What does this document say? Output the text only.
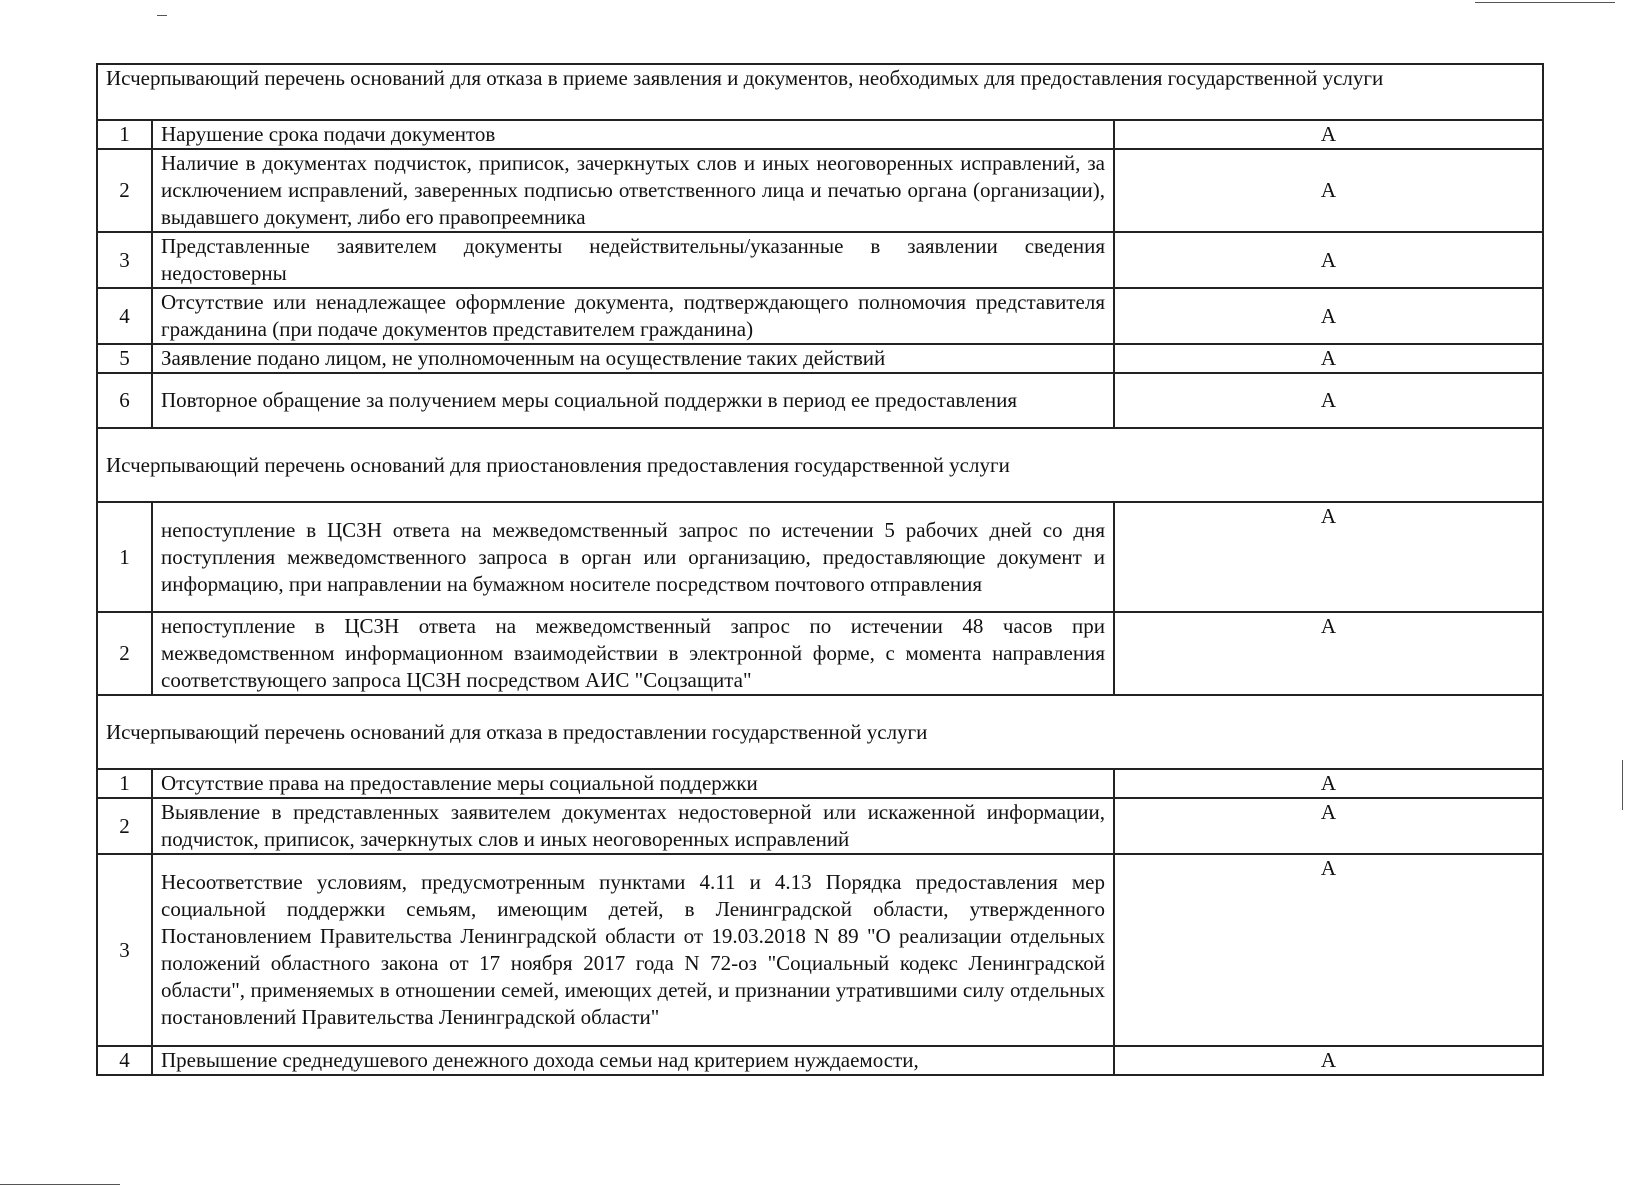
Исчерпывающий перечень оснований для отказа в приеме заявления и документов, необходимых для предоставления государственной услуги		
1	Нарушение срока подачи документов	А
2	Наличие в документах подчисток, приписок, зачеркнутых слов и иных неоговоренных исправлений, за исключением исправлений, заверенных подписью ответственного лица и печатью органа (организации), выдавшего документ, либо его правопреемника	А
3	Представленные заявителем документы недействительны/указанные в заявлении сведения недостоверны	А
4	Отсутствие или ненадлежащее оформление документа, подтверждающего полномочия представителя гражданина (при подаче документов представителем гражданина)	А
5	Заявление подано лицом, не уполномоченным на осуществление таких действий	А
6	Повторное обращение за получением меры социальной поддержки в период ее предоставления	А
Исчерпывающий перечень оснований для приостановления предоставления государственной услуги		
1	непоступление в ЦСЗН ответа на межведомственный запрос по истечении 5 рабочих дней со дня поступления межведомственного запроса в орган или организацию, предоставляющие документ и информацию, при направлении на бумажном носителе посредством почтового отправления	А
2	непоступление в ЦСЗН ответа на межведомственный запрос по истечении 48 часов при межведомственном информационном взаимодействии в электронной форме, с момента направления соответствующего запроса ЦСЗН посредством АИС "Соцзащита"	А
Исчерпывающий перечень оснований для отказа в предоставлении государственной услуги		
1	Отсутствие права на предоставление меры социальной поддержки	А
2	Выявление в представленных заявителем документах недостоверной или искаженной информации, подчисток, приписок, зачеркнутых слов и иных неоговоренных исправлений	А
3	Несоответствие условиям, предусмотренным пунктами 4.11 и 4.13 Порядка предоставления мер социальной поддержки семьям, имеющим детей, в Ленинградской области, утвержденного Постановлением Правительства Ленинградской области от 19.03.2018 N 89 "О реализации отдельных положений областного закона от 17 ноября 2017 года N 72-оз "Социальный кодекс Ленинградской области", применяемых в отношении семей, имеющих детей, и признании утратившими силу отдельных постановлений Правительства Ленинградской области"	А
4	Превышение среднедушевого денежного дохода семьи над критерием нуждаемости,	А
